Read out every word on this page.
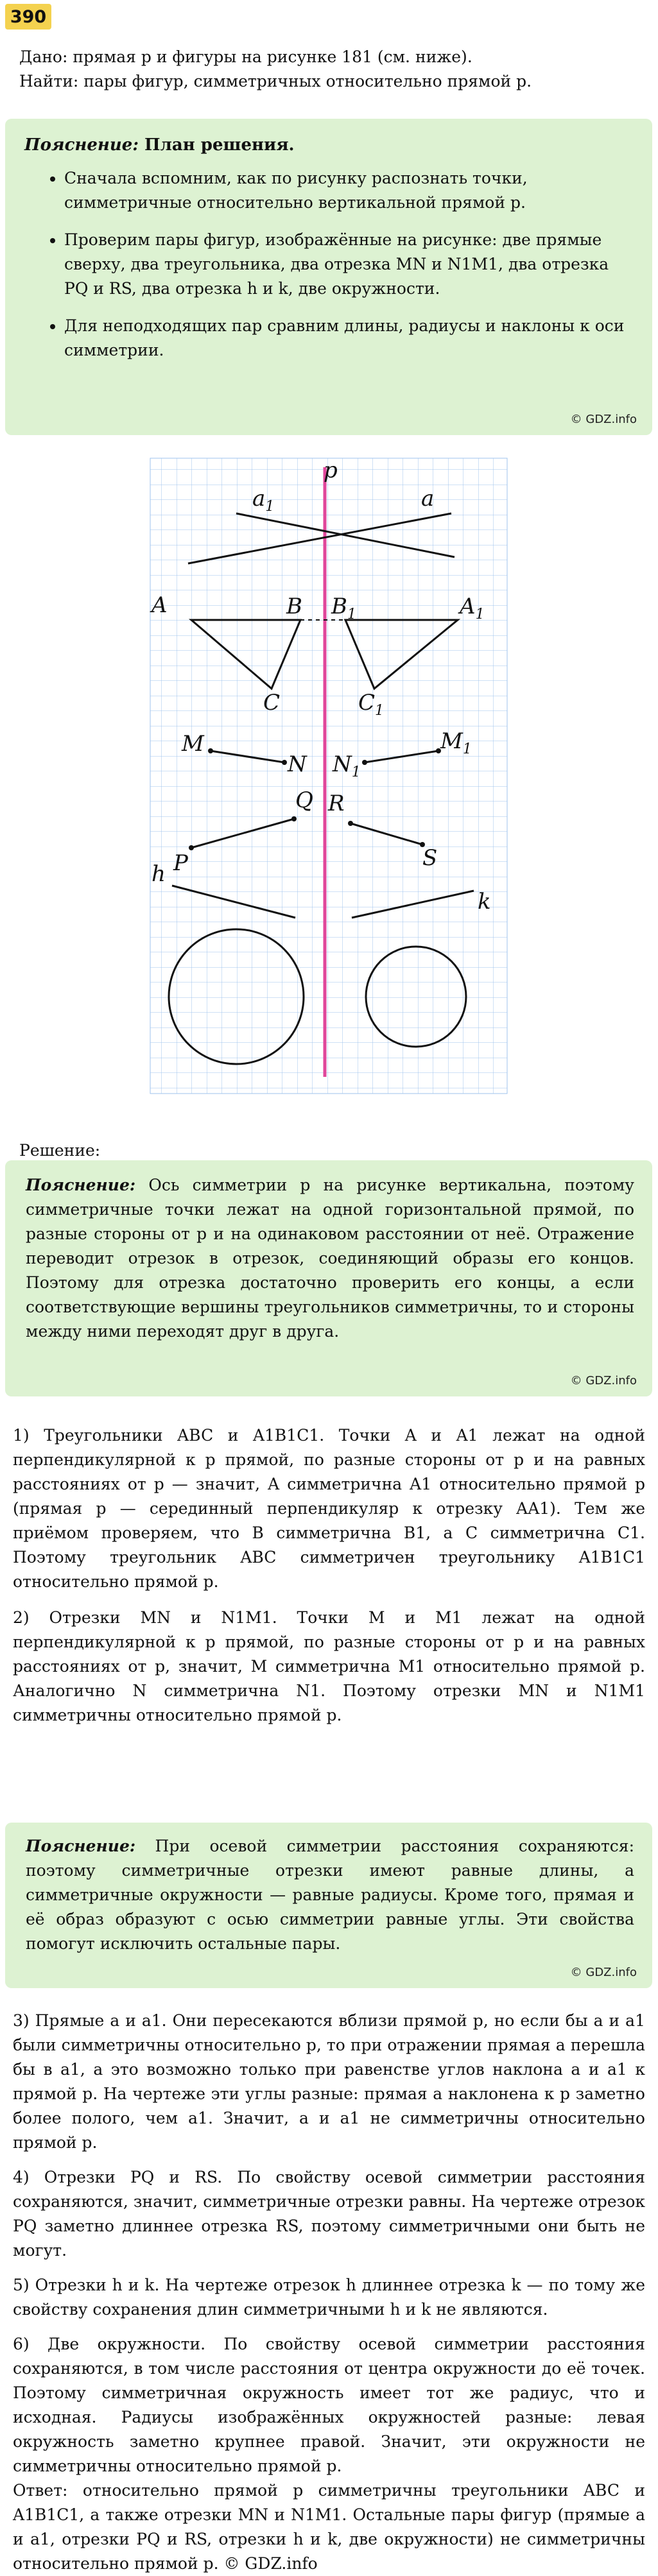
390

Дано: прямая p и фигуры на рисунке 181 (см. ниже).

Найти: пары фигур, симметричных относительно прямой p.

Пояснение: План решения.
• Сначала вспомним, как по рисунку распознать точки, симметричные относительно вертикальной прямой p.
• Проверим пары фигур, изображённые на рисунке: две прямые сверху, два треугольника, два отрезка MN и N1M1, два отрезка PQ и RS, два отрезка h и k, две окружности.
• Для неподходящих пар сравним длины, радиусы и наклоны к оси симметрии.
© GDZ.info
p
$a_1$	a
A	B
C
$B_1$	$A_1$
$C_1$
M
N $N_1$
$M_1$
P
Q R
S
h
k
Решение:

Пояснение: Ось симметрии p на рисунке вертикальна, поэтому симметричные точки лежат на одной горизонтальной прямой, по разные стороны от p и на одинаковом расстоянии от неё. Отражение переводит отрезок в отрезок, соединяющий образы его концов. Поэтому для отрезка достаточно проверить его концы, а если соответствующие вершины треугольников симметричны, то и стороны между ними переходят друг в друга.

© GDZ.info

1) Треугольники ABC и A1B1C1. Точки A и A1 лежат на одной перпендикулярной к p прямой, по разные стороны от p и на равных расстояниях от p — значит, A симметрична A1 относительно прямой p (прямая p — серединный перпендикуляр к отрезку AA1). Тем же приёмом проверяем, что B симметрична B1, а C симметрична C1. Поэтому треугольник ABC симметричен треугольнику A1B1C1 относительно прямой p.

2) Отрезки MN и N1M1. Точки M и M1 лежат на одной перпендикулярной к p прямой, по разные стороны от p и на равных расстояниях от p, значит, M симметрична M1 относительно прямой p. Аналогично N симметрична N1. Поэтому отрезки MN и N1M1 симметричны относительно прямой p.

Пояснение: При осевой симметрии расстояния сохраняются: поэтому симметричные отрезки имеют равные длины, а симметричные окружности — равные радиусы. Кроме того, прямая и её образ образуют с осью симметрии равные углы. Эти свойства помогут исключить остальные пары.

© GDZ.info

3) Прямые a и a1. Они пересекаются вблизи прямой p, но если бы a и a1 были симметричны относительно p, то при отражении прямая a перешла бы в a1, а это возможно только при равенстве углов наклона a и a1 к прямой p. На чертеже эти углы разные: прямая a наклонена к p заметно более полого, чем a1. Значит, a и a1 не симметричны относительно прямой p.

4) Отрезки PQ и RS. По свойству осевой симметрии расстояния сохраняются, значит, симметричные отрезки равны. На чертеже отрезок PQ заметно длиннее отрезка RS, поэтому симметричными они быть не могут.

5) Отрезки h и k. На чертеже отрезок h длиннее отрезка k — по тому же свойству сохранения длин симметричными h и k не являются.

6) Две окружности. По свойству осевой симметрии расстояния сохраняются, в том числе расстояния от центра окружности до её точек. Поэтому симметричная окружность имеет тот же радиус, что и исходная. Радиусы изображённых окружностей разные: левая окружность заметно крупнее правой. Значит, эти окружности не симметричны относительно прямой p.

Ответ: относительно прямой p симметричны треугольники ABC и A1B1C1, а также отрезки MN и N1M1. Остальные пары фигур (прямые a и a1, отрезки PQ и RS, отрезки h и k, две окружности) не симметричны относительно прямой p. © GDZ.info
